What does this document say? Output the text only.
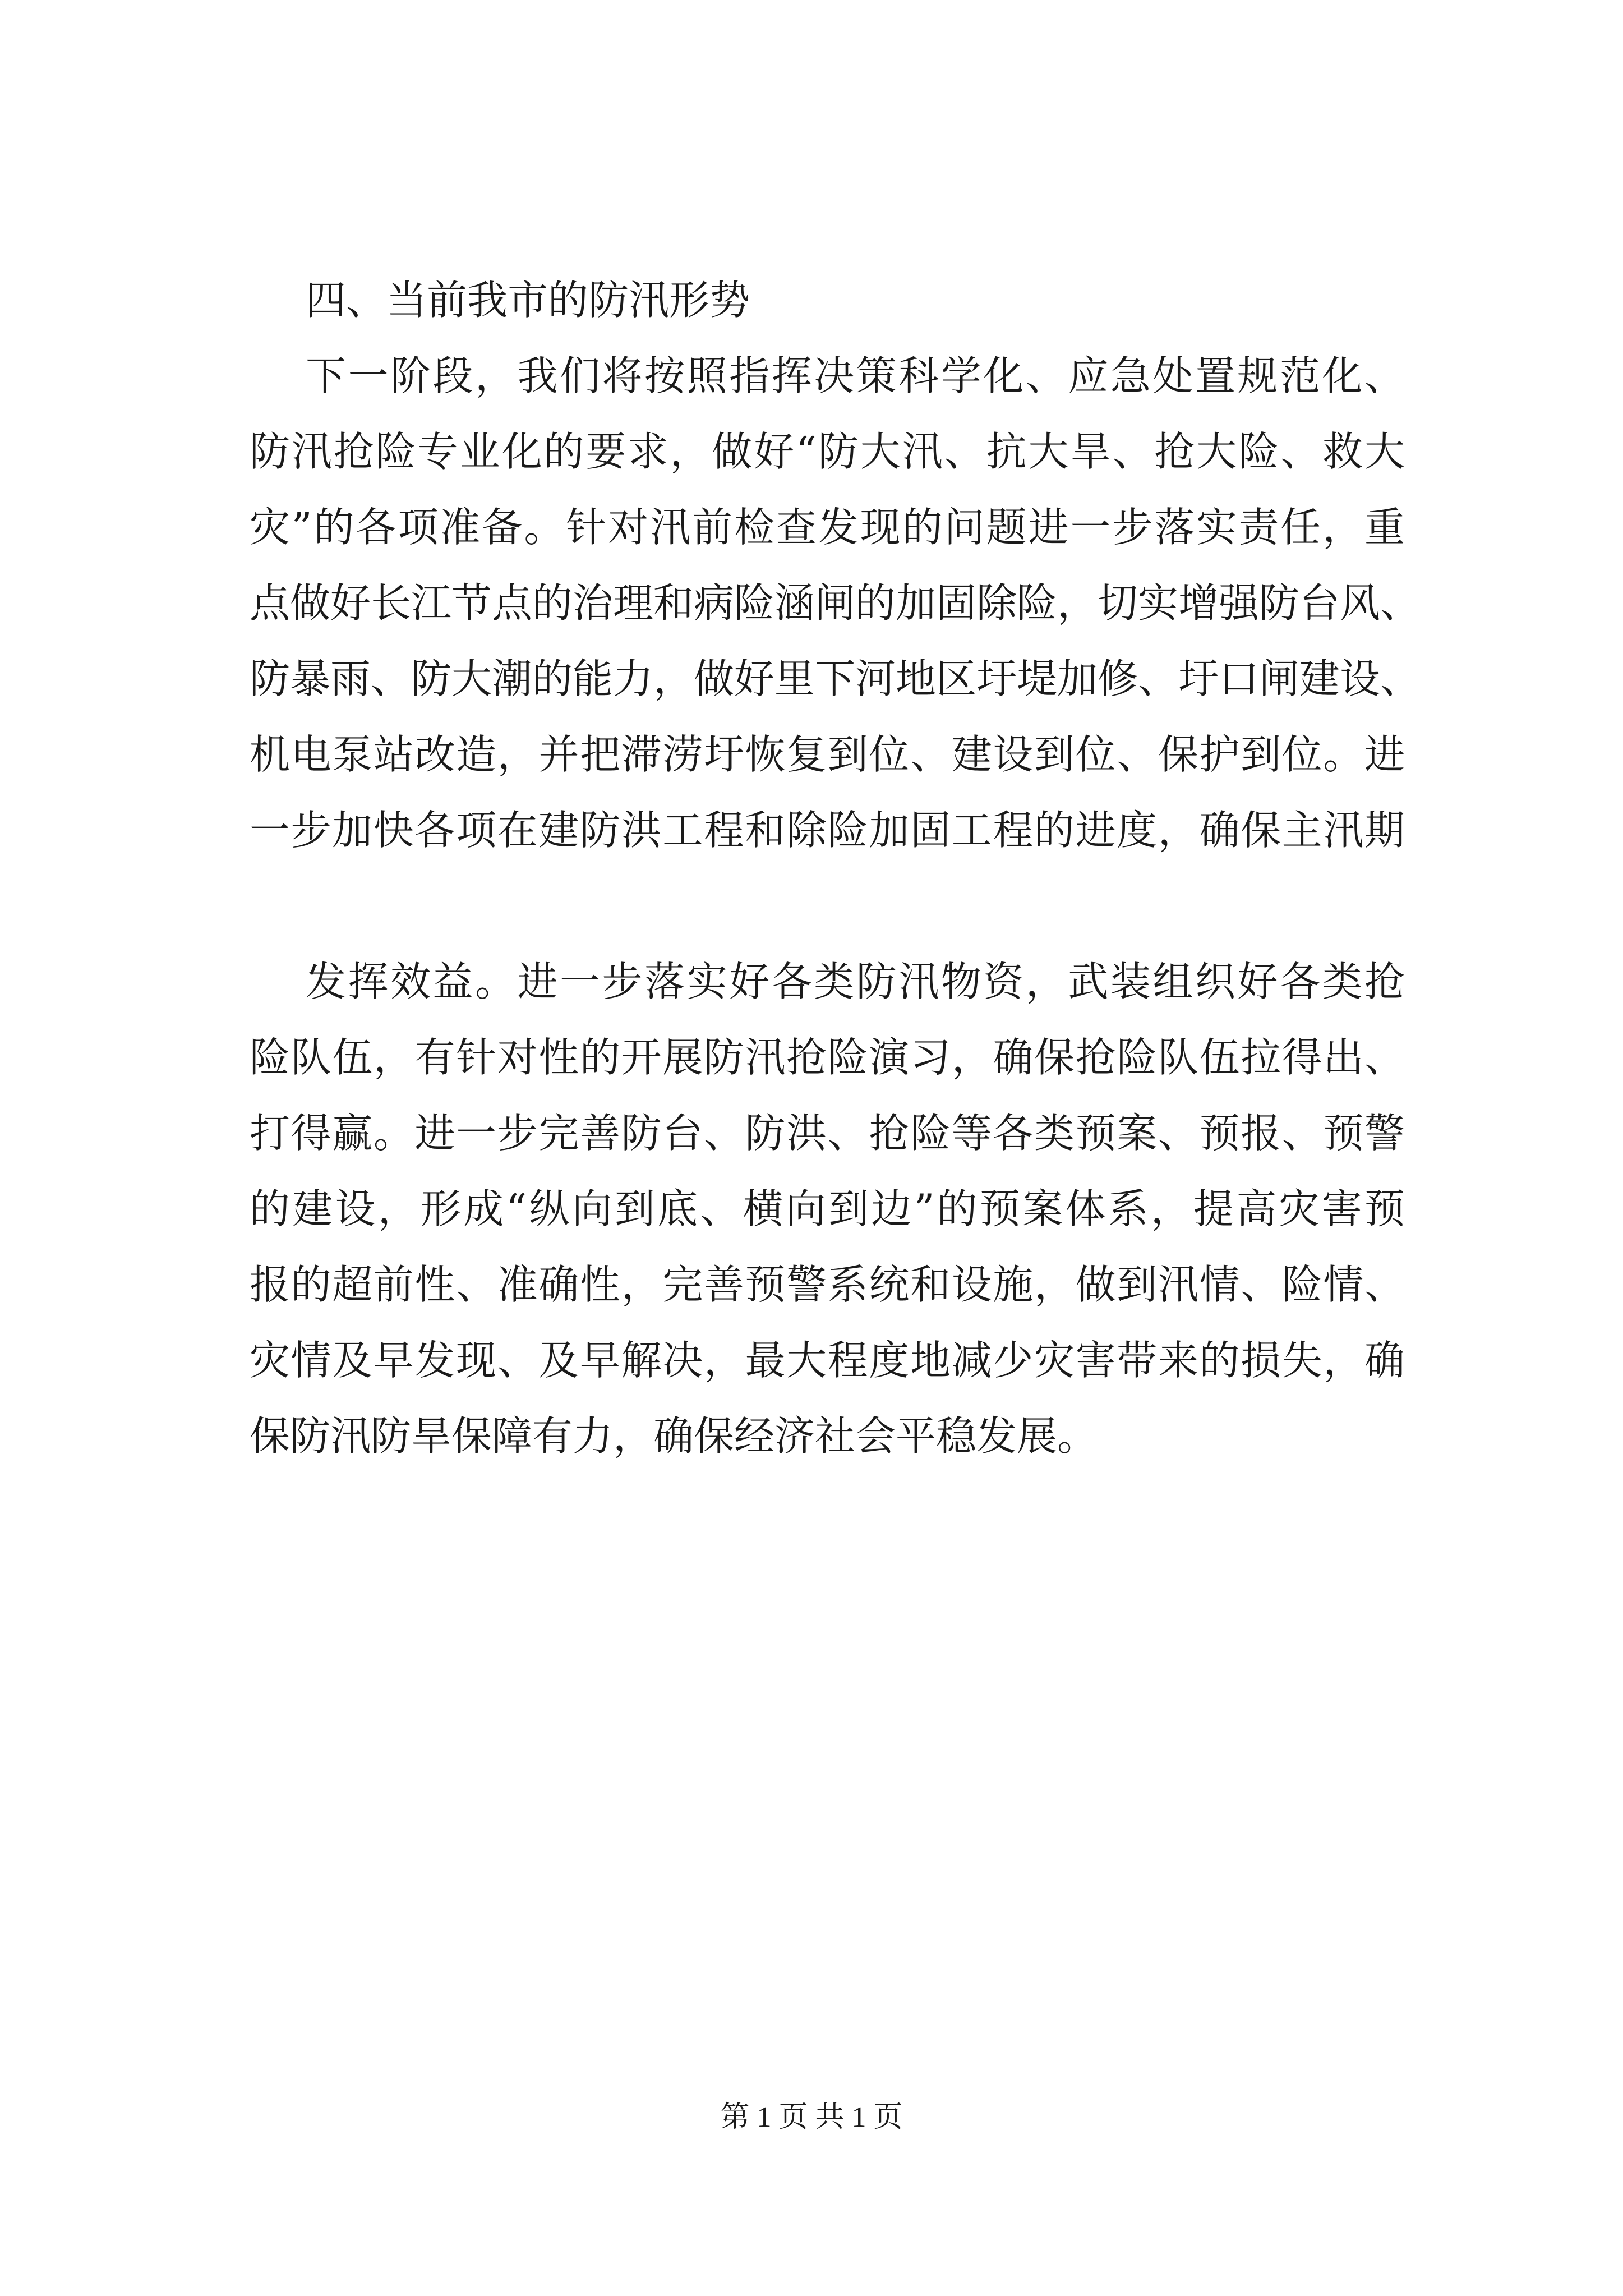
四、当前我市的防汛形势
下一阶段，我们将按照指挥决策科学化、应急处置规范化、
防汛抢险专业化的要求，做好“防大汛、抗大旱、抢大险、救大
灾”的各项准备。针对汛前检查发现的问题进一步落实责任，重
点做好长江节点的治理和病险涵闸的加固除险，切实增强防台风、
防暴雨、防大潮的能力，做好里下河地区圩堤加修、圩口闸建设、
机电泵站改造，并把滞涝圩恢复到位、建设到位、保护到位。进
一步加快各项在建防洪工程和除险加固工程的进度，确保主汛期
发挥效益。进一步落实好各类防汛物资，武装组织好各类抢
险队伍，有针对性的开展防汛抢险演习，确保抢险队伍拉得出、
打得赢。进一步完善防台、防洪、抢险等各类预案、预报、预警
的建设，形成“纵向到底、横向到边”的预案体系，提高灾害预
报的超前性、准确性，完善预警系统和设施，做到汛情、险情、
灾情及早发现、及早解决，最大程度地减少灾害带来的损失，确
保防汛防旱保障有力，确保经济社会平稳发展。
第 1 页 共 1 页
